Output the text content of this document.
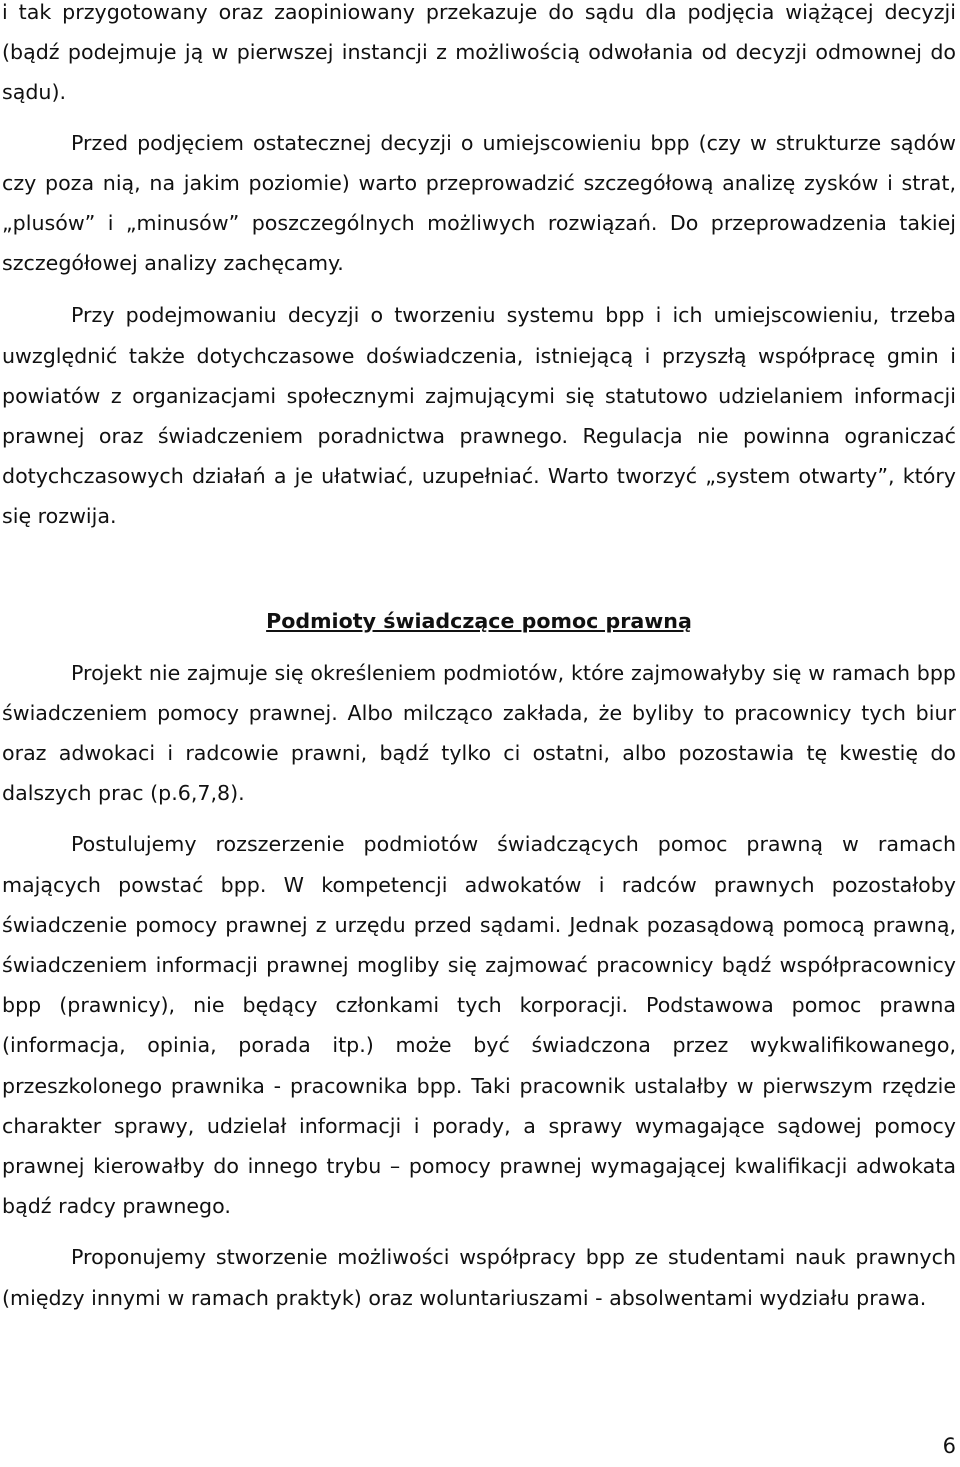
i tak przygotowany oraz zaopiniowany przekazuje do sądu dla podjęcia wiążącej decyzji (bądź podejmuje ją w pierwszej instancji z możliwością odwołania od decyzji odmownej do sądu).

Przed podjęciem ostatecznej decyzji o umiejscowieniu bpp (czy w strukturze sądów czy poza nią, na jakim poziomie) warto przeprowadzić szczegółową analizę zysków i strat, „plusów” i „minusów” poszczególnych możliwych rozwiązań. Do przeprowadzenia takiej szczegółowej analizy zachęcamy.

Przy podejmowaniu decyzji o tworzeniu systemu bpp i ich umiejscowieniu, trzeba uwzględnić także dotychczasowe doświadczenia, istniejącą i przyszłą współpracę gmin i powiatów z organizacjami społecznymi zajmującymi się statutowo udzielaniem informacji prawnej oraz świadczeniem poradnictwa prawnego. Regulacja nie powinna ograniczać dotychczasowych działań a je ułatwiać, uzupełniać. Warto tworzyć „system otwarty”, który się rozwija.

Podmioty świadczące pomoc prawną

Projekt nie zajmuje się określeniem podmiotów, które zajmowałyby się w ramach bpp świadczeniem pomocy prawnej. Albo milcząco zakłada, że byliby to pracownicy tych biur oraz adwokaci i radcowie prawni, bądź tylko ci ostatni, albo pozostawia tę kwestię do dalszych prac (p.6,7,8).

Postulujemy rozszerzenie podmiotów świadczących pomoc prawną w ramach mających powstać bpp. W kompetencji adwokatów i radców prawnych pozostałoby świadczenie pomocy prawnej z urzędu przed sądami. Jednak pozasądową pomocą prawną, świadczeniem informacji prawnej mogliby się zajmować pracownicy bądź współpracownicy bpp (prawnicy), nie będący członkami tych korporacji. Podstawowa pomoc prawna (informacja, opinia, porada itp.) może być świadczona przez wykwalifikowanego, przeszkolonego prawnika - pracownika bpp. Taki pracownik ustalałby w pierwszym rzędzie charakter sprawy, udzielał informacji i porady, a sprawy wymagające sądowej pomocy prawnej kierowałby do innego trybu – pomocy prawnej wymagającej kwalifikacji adwokata bądź radcy prawnego.

Proponujemy stworzenie możliwości współpracy bpp ze studentami nauk prawnych (między innymi w ramach praktyk) oraz woluntariuszami - absolwentami wydziału prawa.

6
